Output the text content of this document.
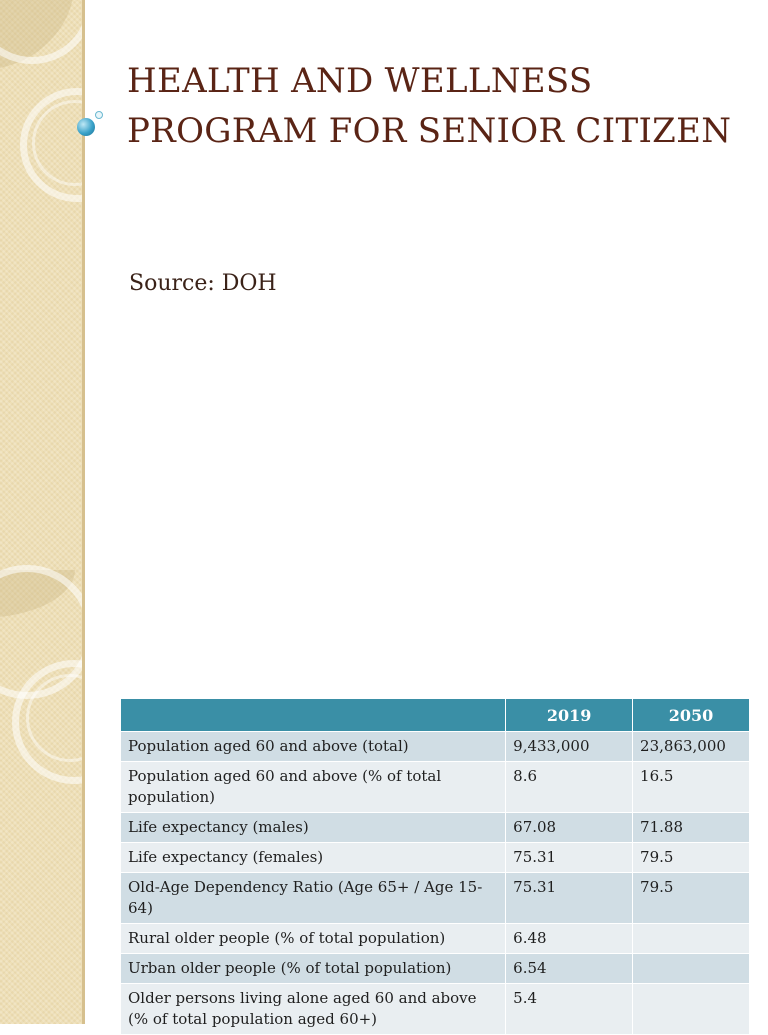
HEALTH AND WELLNESS
PROGRAM FOR SENIOR CITIZEN
Source: DOH
	2019	2050
Population aged 60 and above (total)	9,433,000	23,863,000
Population aged 60 and above (% of total population)	8.6	16.5
Life expectancy (males)	67.08	71.88
Life expectancy (females)	75.31	79.5
Old-Age Dependency Ratio (Age 65+ / Age 15-64)	75.31	79.5
Rural older people (% of total population)	6.48	
Urban older people (% of total population)	6.54	
Older persons living alone aged 60 and above (% of total population aged 60+)	5.4	
